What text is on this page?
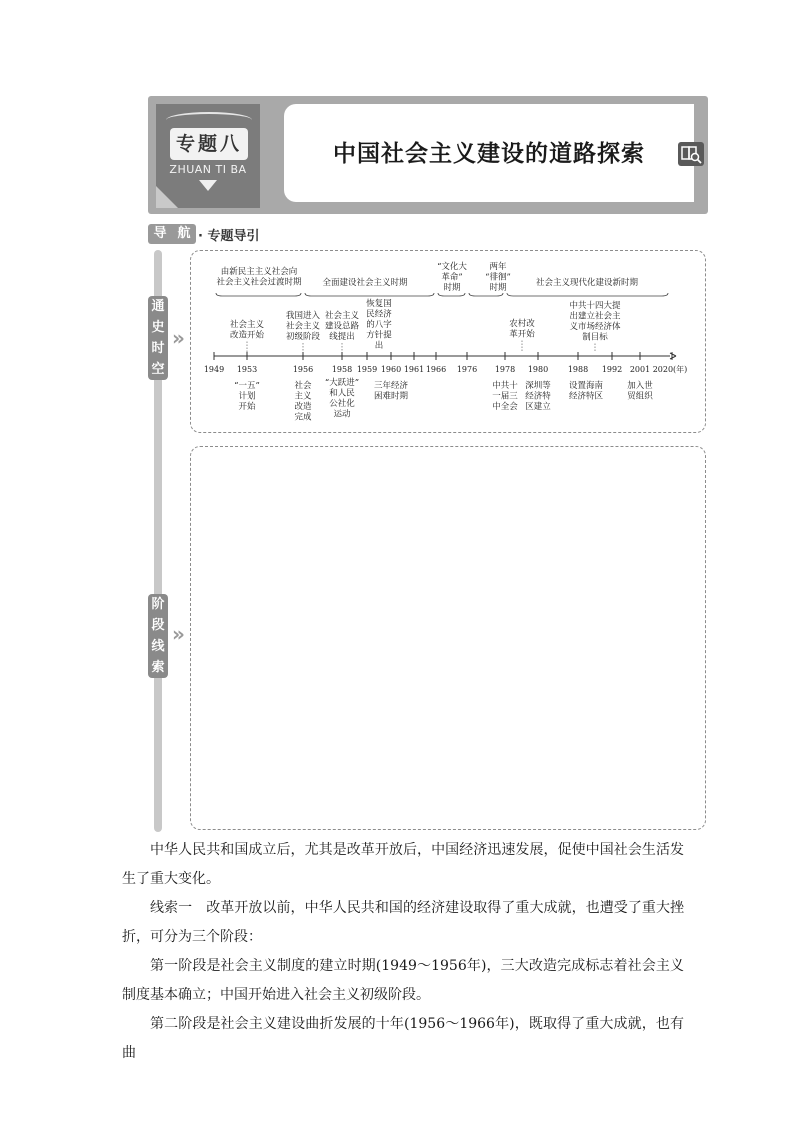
专题八
ZHUAN TI BA
中国社会主义建设的道路探索
导 航 · 专题导引
通
史
时
空
»
阶
段
线
索
»
1949 1953	1956 1958 1959 1960 1961 1966 1976 1978 1980 1988 1992 2001 2020(年)
由新民主主义社会向
社会主义社会过渡时期 全面建设社会主义时期
“文化大
革命”
时期
两年
“徘徊”
时期	社会主义现代化建设新时期
社会主义
改造开始
我国进入
社会主义
初级阶段
社会主义
建设总路
线提出
恢复国
民经济
的八字
方针提
出
农村改
革开始
中共十四大提
出建立社会主
义市场经济体
制目标
“一五”
计划
开始
社会
主义
改造
完成
“大跃进”
和人民
公社化
运动
三年经济
困难时期
中共十
一届三
中全会
深圳等
经济特
区建立
设置海南
经济特区
加入世
贸组织
中华人民共和国成立后，尤其是改革开放后，中国经济迅速发展，促使中国社会生活发生了重大变化。
线索一　改革开放以前，中华人民共和国的经济建设取得了重大成就，也遭受了重大挫折，可分为三个阶段：
第一阶段是社会主义制度的建立时期(1949～1956年)，三大改造完成标志着社会主义制度基本确立；中国开始进入社会主义初级阶段。
第二阶段是社会主义建设曲折发展的十年(1956～1966年)，既取得了重大成就，也有曲
